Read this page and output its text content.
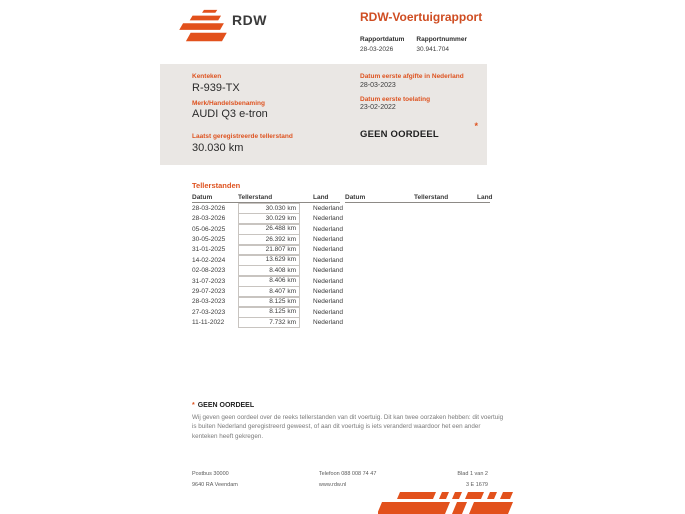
RDW	RDW-Voertuigrapport
Rapportdatum
28-03-2026
Rapportnummer
30.941.704
Kenteken
R-939-TX
Merk/Handelsbenaming
AUDI Q3 e-tron
Laatst geregistreerde tellerstand
30.030 km
Datum eerste afgifte in Nederland
28-03-2023
Datum eerste toelating
23-02-2022
GEEN OORDEEL
*
Tellerstanden
Datum	Tellerstand	Land
28-03-2026	30.030 km	Nederland
28-03-2026	30.029 km	Nederland
05-06-2025	26.488 km	Nederland
30-05-2025	26.392 km	Nederland
31-01-2025	21.807 km	Nederland
14-02-2024	13.629 km	Nederland
02-08-2023	8.408 km	Nederland
31-07-2023	8.406 km	Nederland
29-07-2023	8.407 km	Nederland
28-03-2023	8.125 km	Nederland
27-03-2023	8.125 km	Nederland
11-11-2022	7.732 km	Nederland
Datum	Tellerstand	Land
* GEEN OORDEEL
Wij geven geen oordeel over de reeks tellerstanden van dit voertuig. Dit kan twee oorzaken hebben: dit voertuig is buiten Nederland geregistreerd geweest, of aan dit voertuig is iets veranderd waardoor het een ander kenteken heeft gekregen.
Postbus 30000
9640 RA Veendam
Telefoon 088 008 74 47
www.rdw.nl
Blad 1 van 2
3 E 1679
